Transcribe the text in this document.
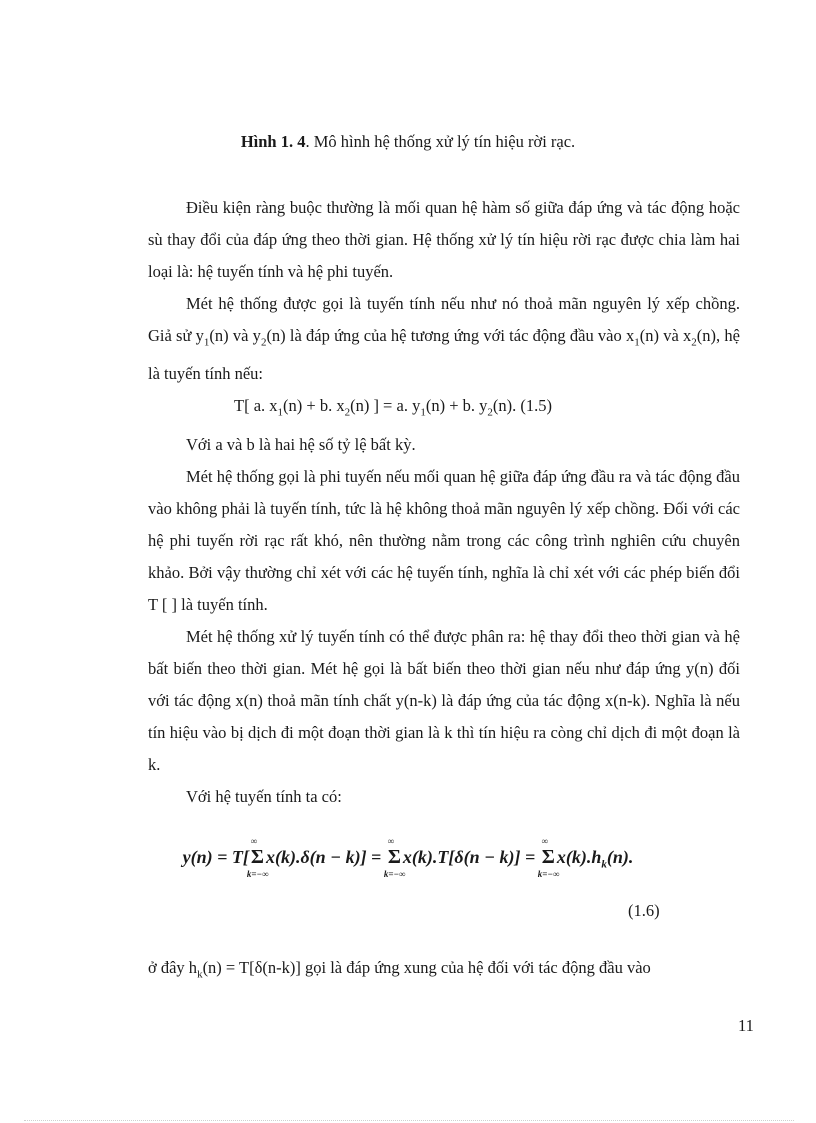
Hình 1. 4. Mô hình hệ thống xử lý tín hiệu rời rạc.

Điều kiện ràng buộc thường là mối quan hệ hàm số giữa đáp ứng và tác động hoặc sù thay đổi của đáp ứng theo thời gian. Hệ thống xử lý tín hiệu rời rạc được chia làm hai loại là: hệ tuyến tính và hệ phi tuyến.

Mét hệ thống được gọi là tuyến tính nếu như nó thoả mãn nguyên lý xếp chồng. Giả sử $y_1(n)$ và $y_2(n)$ là đáp ứng của hệ tương ứng với tác động đầu vào $x_1(n)$ và $x_2(n)$, hệ là tuyến tính nếu:

T[ a. $x_1(n) + b$. $x_2(n)$ ] = a. $y_1(n) + b$. $y_2(n)$. (1.5)

Với a và b là hai hệ số tỷ lệ bất kỳ.

Mét hệ thống gọi là phi tuyến nếu mối quan hệ giữa đáp ứng đầu ra và tác động đầu vào không phải là tuyến tính, tức là hệ không thoả mãn nguyên lý xếp chồng. Đối với các hệ phi tuyến rời rạc rất khó, nên thường nằm trong các công trình nghiên cứu chuyên khảo. Bởi vậy thường chỉ xét với các hệ tuyến tính, nghĩa là chỉ xét với các phép biến đổi T [ ] là tuyến tính.

Mét hệ thống xử lý tuyến tính có thể được phân ra: hệ thay đổi theo thời gian và hệ bất biến theo thời gian. Mét hệ gọi là bất biến theo thời gian nếu như đáp ứng y(n) đối với tác động x(n) thoả mãn tính chất y(n-k) là đáp ứng của tác động x(n-k). Nghĩa là nếu tín hiệu vào bị dịch đi một đoạn thời gian là k thì tín hiệu ra còng chỉ dịch đi một đoạn là k.

Với hệ tuyến tính ta có:

y(n) = T[ Σ
∞
k=−∞
x(k).δ(n − k)] = Σ
∞
k=−∞
x(k).T[δ(n − k)] = Σ
∞
k=−∞
$x(k).h_k(n)$.
(1.6)
ở đây $h_k(n) = T[\delta(n-k)]$ gọi là đáp ứng xung của hệ đối với tác động đầu vào
11
